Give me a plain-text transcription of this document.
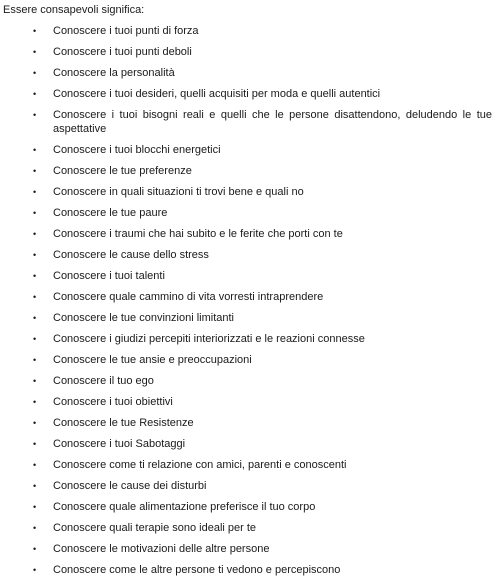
Essere consapevoli significa:
• Conoscere i tuoi punti di forza
• Conoscere i tuoi punti deboli
• Conoscere la personalità
• Conoscere i tuoi desideri, quelli acquisiti per moda e quelli autentici
• Conoscere i tuoi bisogni reali e quelli che le persone disattendono, deludendo le tue aspettative
• Conoscere i tuoi blocchi energetici
• Conoscere le tue preferenze
• Conoscere in quali situazioni ti trovi bene e quali no
• Conoscere le tue paure
• Conoscere i traumi che hai subito e le ferite che porti con te
• Conoscere le cause dello stress
• Conoscere i tuoi talenti
• Conoscere quale cammino di vita vorresti intraprendere
• Conoscere le tue convinzioni limitanti
• Conoscere i giudizi percepiti interiorizzati e le reazioni connesse
• Conoscere le tue ansie e preoccupazioni
• Conoscere il tuo ego
• Conoscere i tuoi obiettivi
• Conoscere le tue Resistenze
• Conoscere i tuoi Sabotaggi
• Conoscere come ti relazione con amici, parenti e conoscenti
• Conoscere le cause dei disturbi
• Conoscere quale alimentazione preferisce il tuo corpo
• Conoscere quali terapie sono ideali per te
• Conoscere le motivazioni delle altre persone
• Conoscere come le altre persone ti vedono e percepiscono
